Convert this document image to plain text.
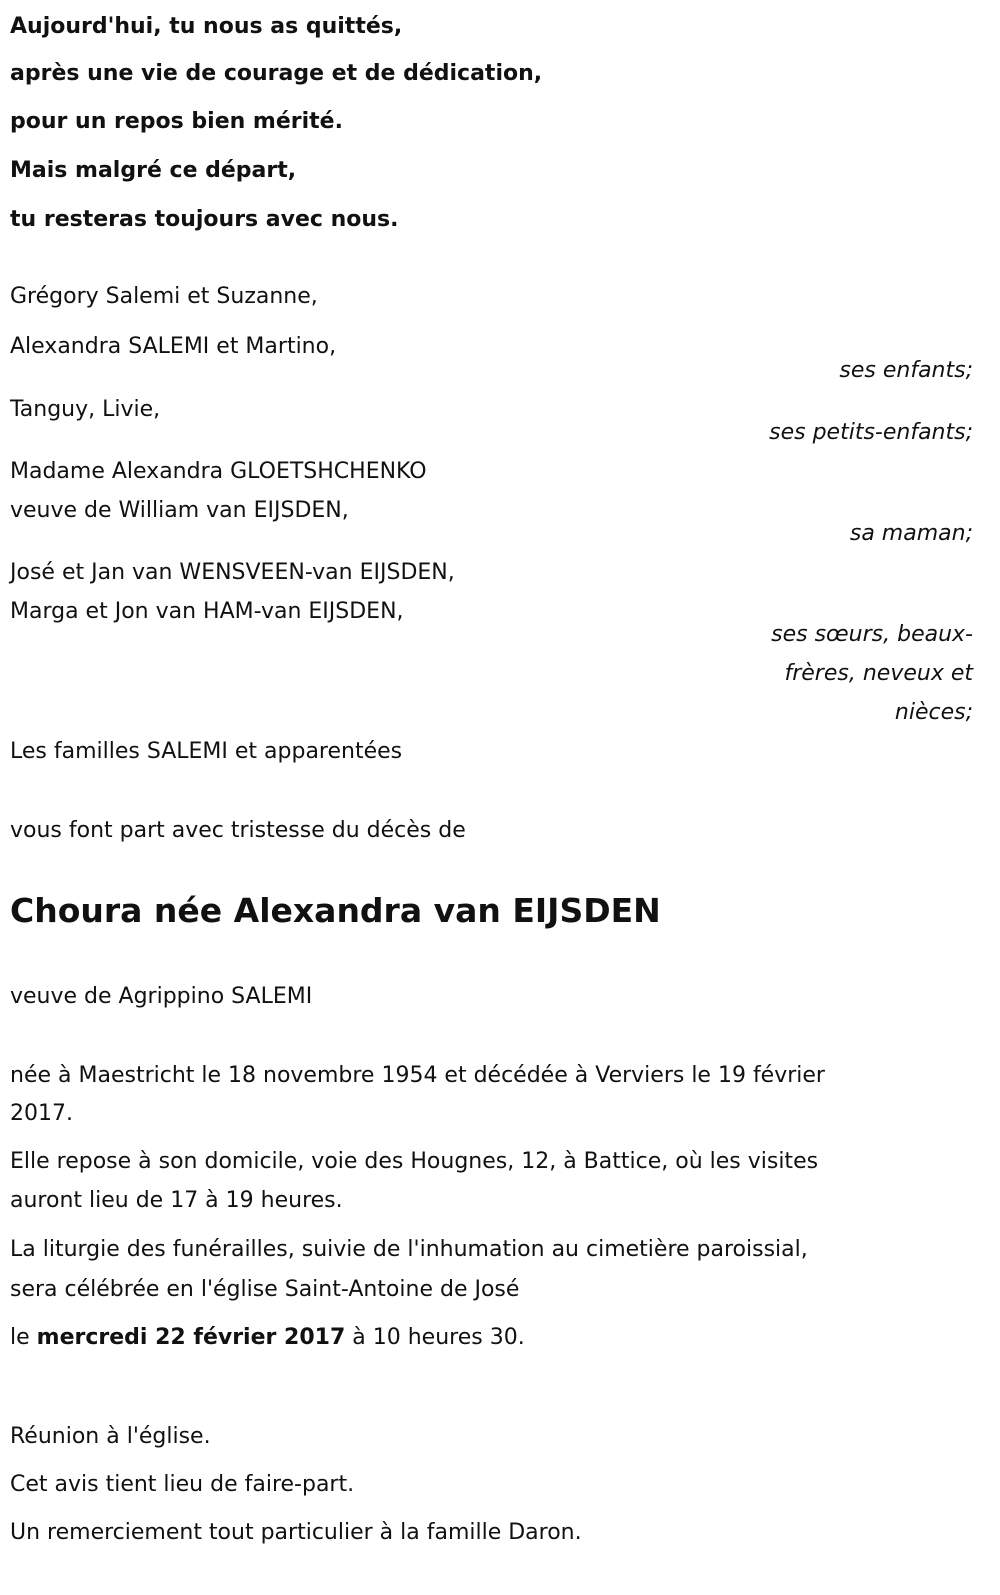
Aujourd'hui, tu nous as quittés,
après une vie de courage et de dédication,
pour un repos bien mérité.
Mais malgré ce départ,
tu resteras toujours avec nous.
Grégory Salemi et Suzanne,
Alexandra SALEMI et Martino,
ses enfants;
Tanguy, Livie,
ses petits-enfants;
Madame Alexandra GLOETSHCHENKO
veuve de William van EIJSDEN,
sa maman;
José et Jan van WENSVEEN-van EIJSDEN,
Marga et Jon van HAM-van EIJSDEN,
ses sœurs, beaux-
frères, neveux et
nièces;
Les familles SALEMI et apparentées
vous font part avec tristesse du décès de
Choura née Alexandra van EIJSDEN
veuve de Agrippino SALEMI
née à Maestricht le 18 novembre 1954 et décédée à Verviers le 19 février
2017.
Elle repose à son domicile, voie des Hougnes, 12, à Battice, où les visites
auront lieu de 17 à 19 heures.
La liturgie des funérailles, suivie de l'inhumation au cimetière paroissial,
sera célébrée en l'église Saint-Antoine de José
le mercredi 22 février 2017 à 10 heures 30.
Réunion à l'église.
Cet avis tient lieu de faire-part.
Un remerciement tout particulier à la famille Daron.
